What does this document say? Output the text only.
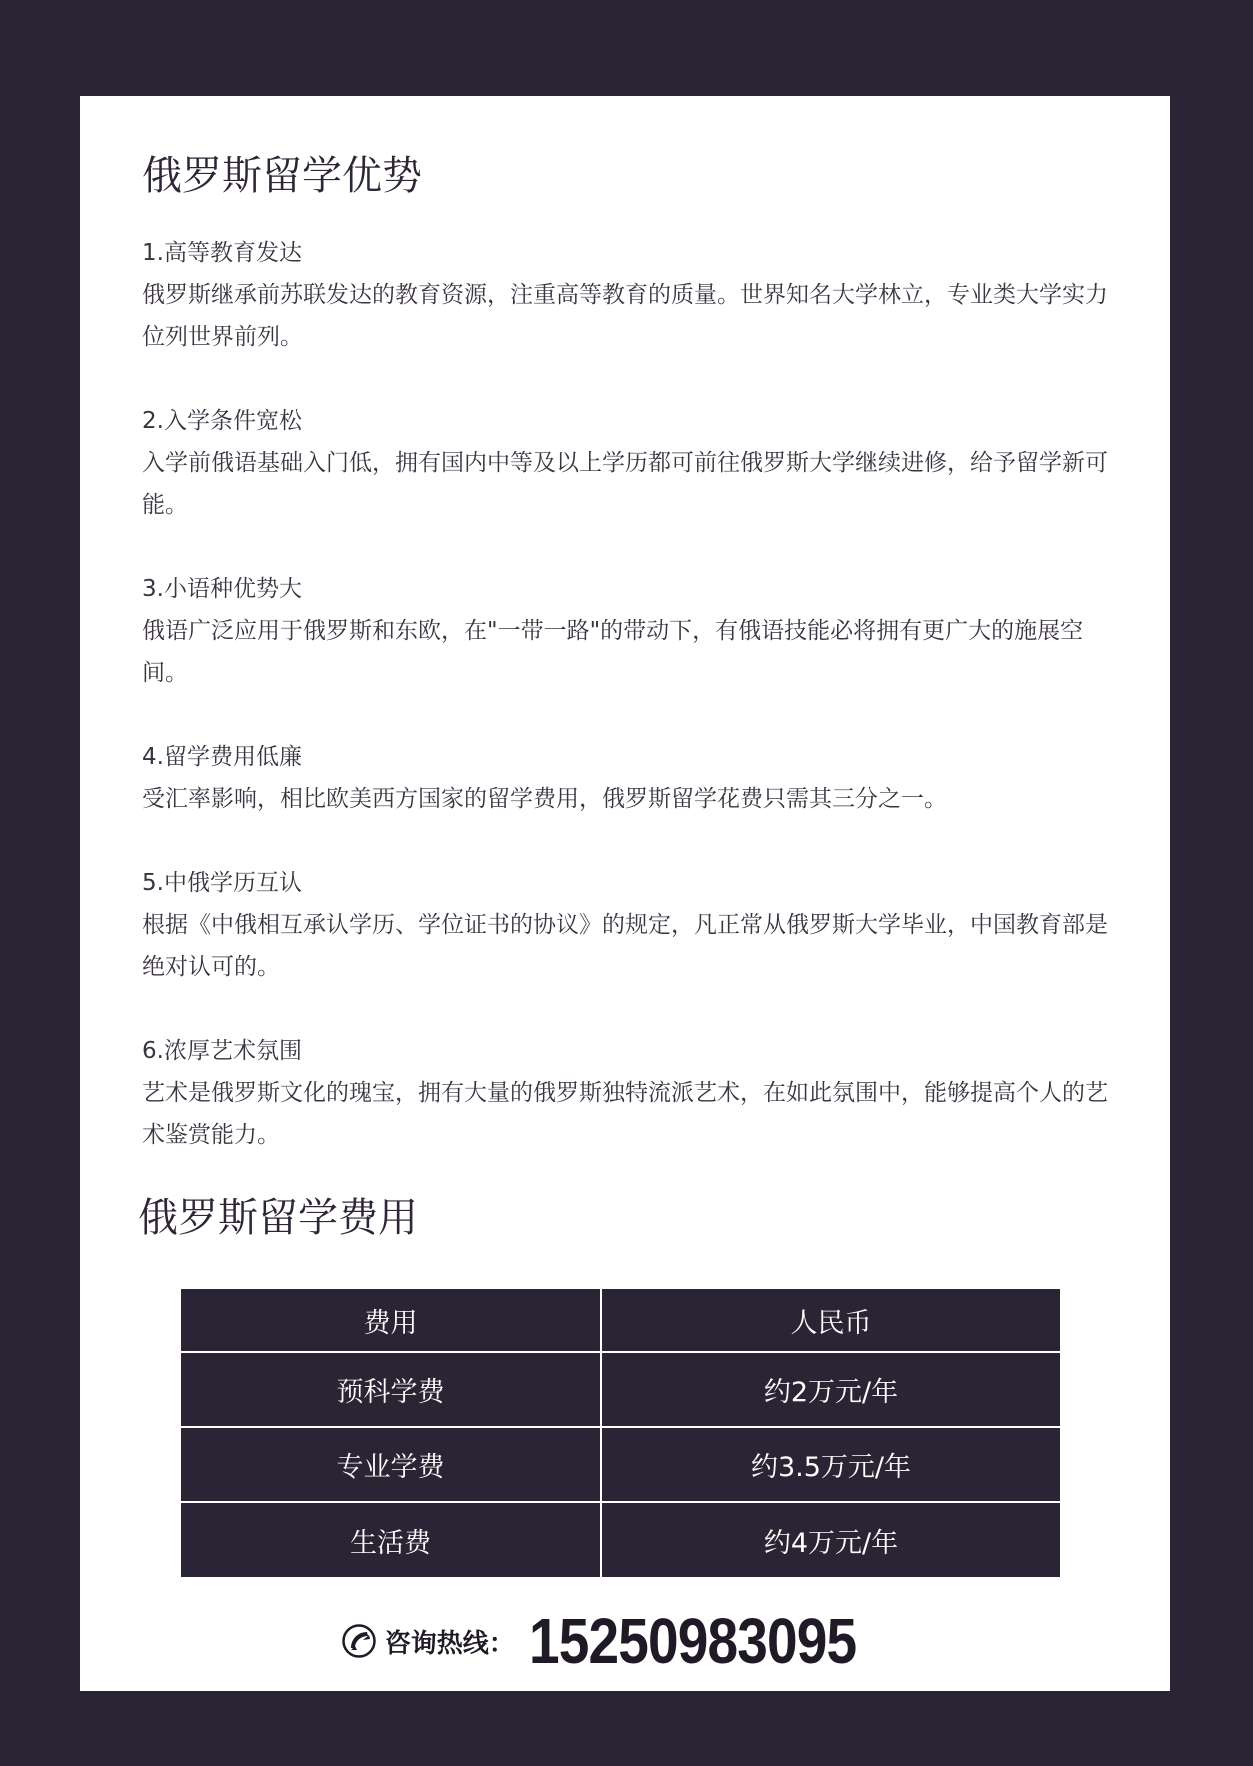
俄罗斯留学优势
1.高等教育发达
俄罗斯继承前苏联发达的教育资源，注重高等教育的质量。世界知名大学林立，专业类大学实力位列世界前列。
2.入学条件宽松
入学前俄语基础入门低，拥有国内中等及以上学历都可前往俄罗斯大学继续进修，给予留学新可能。
3.小语种优势大
俄语广泛应用于俄罗斯和东欧，在"一带一路"的带动下，有俄语技能必将拥有更广大的施展空间。
4.留学费用低廉
受汇率影响，相比欧美西方国家的留学费用，俄罗斯留学花费只需其三分之一。
5.中俄学历互认
根据《中俄相互承认学历、学位证书的协议》的规定，凡正常从俄罗斯大学毕业，中国教育部是绝对认可的。
6.浓厚艺术氛围
艺术是俄罗斯文化的瑰宝，拥有大量的俄罗斯独特流派艺术，在如此氛围中，能够提高个人的艺术鉴赏能力。
俄罗斯留学费用
费用	人民币
预科学费	约2万元/年
专业学费	约3.5万元/年
生活费	约4万元/年
咨询热线： 15250983095
